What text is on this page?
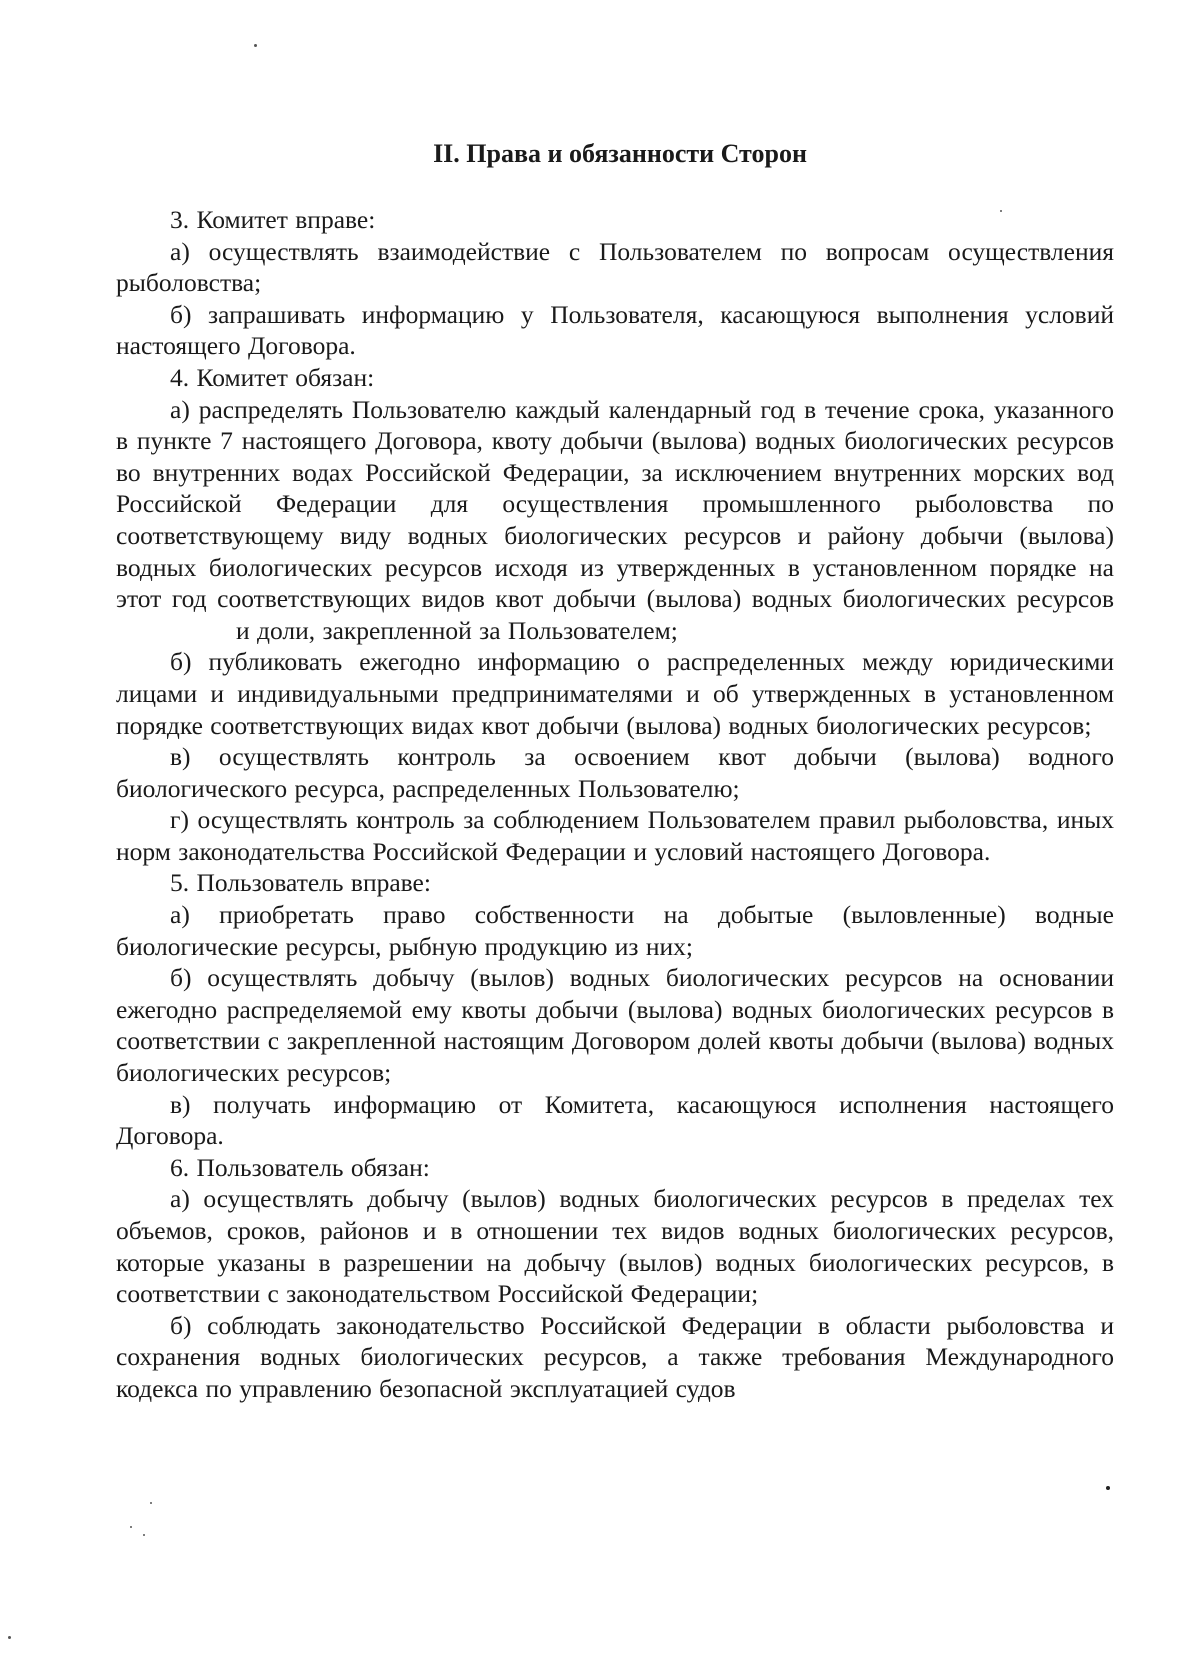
II. Права и обязанности Сторон

3. Комитет вправе:

а) осуществлять взаимодействие с Пользователем по вопросам осуществления рыболовства;

б) запрашивать информацию у Пользователя, касающуюся выполнения условий настоящего Договора.

4. Комитет обязан:

а) распределять Пользователю каждый календарный год в течение срока, указанного в пункте 7 настоящего Договора, квоту добычи (вылова) водных биологических ресурсов во внутренних водах Российской Федерации, за исключением внутренних морских вод Российской Федерации для осуществления промышленного рыболовства по соответствующему виду водных биологических ресурсов и району добычи (вылова) водных биологических ресурсов исходя из утвержденных в установленном порядке на этот год соответствующих видов квот добычи (вылова) водных биологических ресурсови доли, закрепленной за Пользователем;

б) публиковать ежегодно информацию о распределенных между юридическими лицами и индивидуальными предпринимателями и об утвержденных в установленном порядке соответствующих видах квот добычи (вылова) водных биологических ресурсов;

в) осуществлять контроль за освоением квот добычи (вылова) водного биологического ресурса, распределенных Пользователю;

г) осуществлять контроль за соблюдением Пользователем правил рыболовства, иных норм законодательства Российской Федерации и условий настоящего Договора.

5. Пользователь вправе:

а) приобретать право собственности на добытые (выловленные) водные биологические ресурсы, рыбную продукцию из них;

б) осуществлять добычу (вылов) водных биологических ресурсов на основании ежегодно распределяемой ему квоты добычи (вылова) водных биологических ресурсов в соответствии с закрепленной настоящим Договором долей квоты добычи (вылова) водных биологических ресурсов;

в) получать информацию от Комитета, касающуюся исполнения настоящего Договора.

6. Пользователь обязан:

а) осуществлять добычу (вылов) водных биологических ресурсов в пределах тех объемов, сроков, районов и в отношении тех видов водных биологических ресурсов, которые указаны в разрешении на добычу (вылов) водных биологических ресурсов, в соответствии с законодательством Российской Федерации;

б) соблюдать законодательство Российской Федерации в области рыболовства и сохранения водных биологических ресурсов, а также требования Международного кодекса по управлению безопасной эксплуатацией судов
